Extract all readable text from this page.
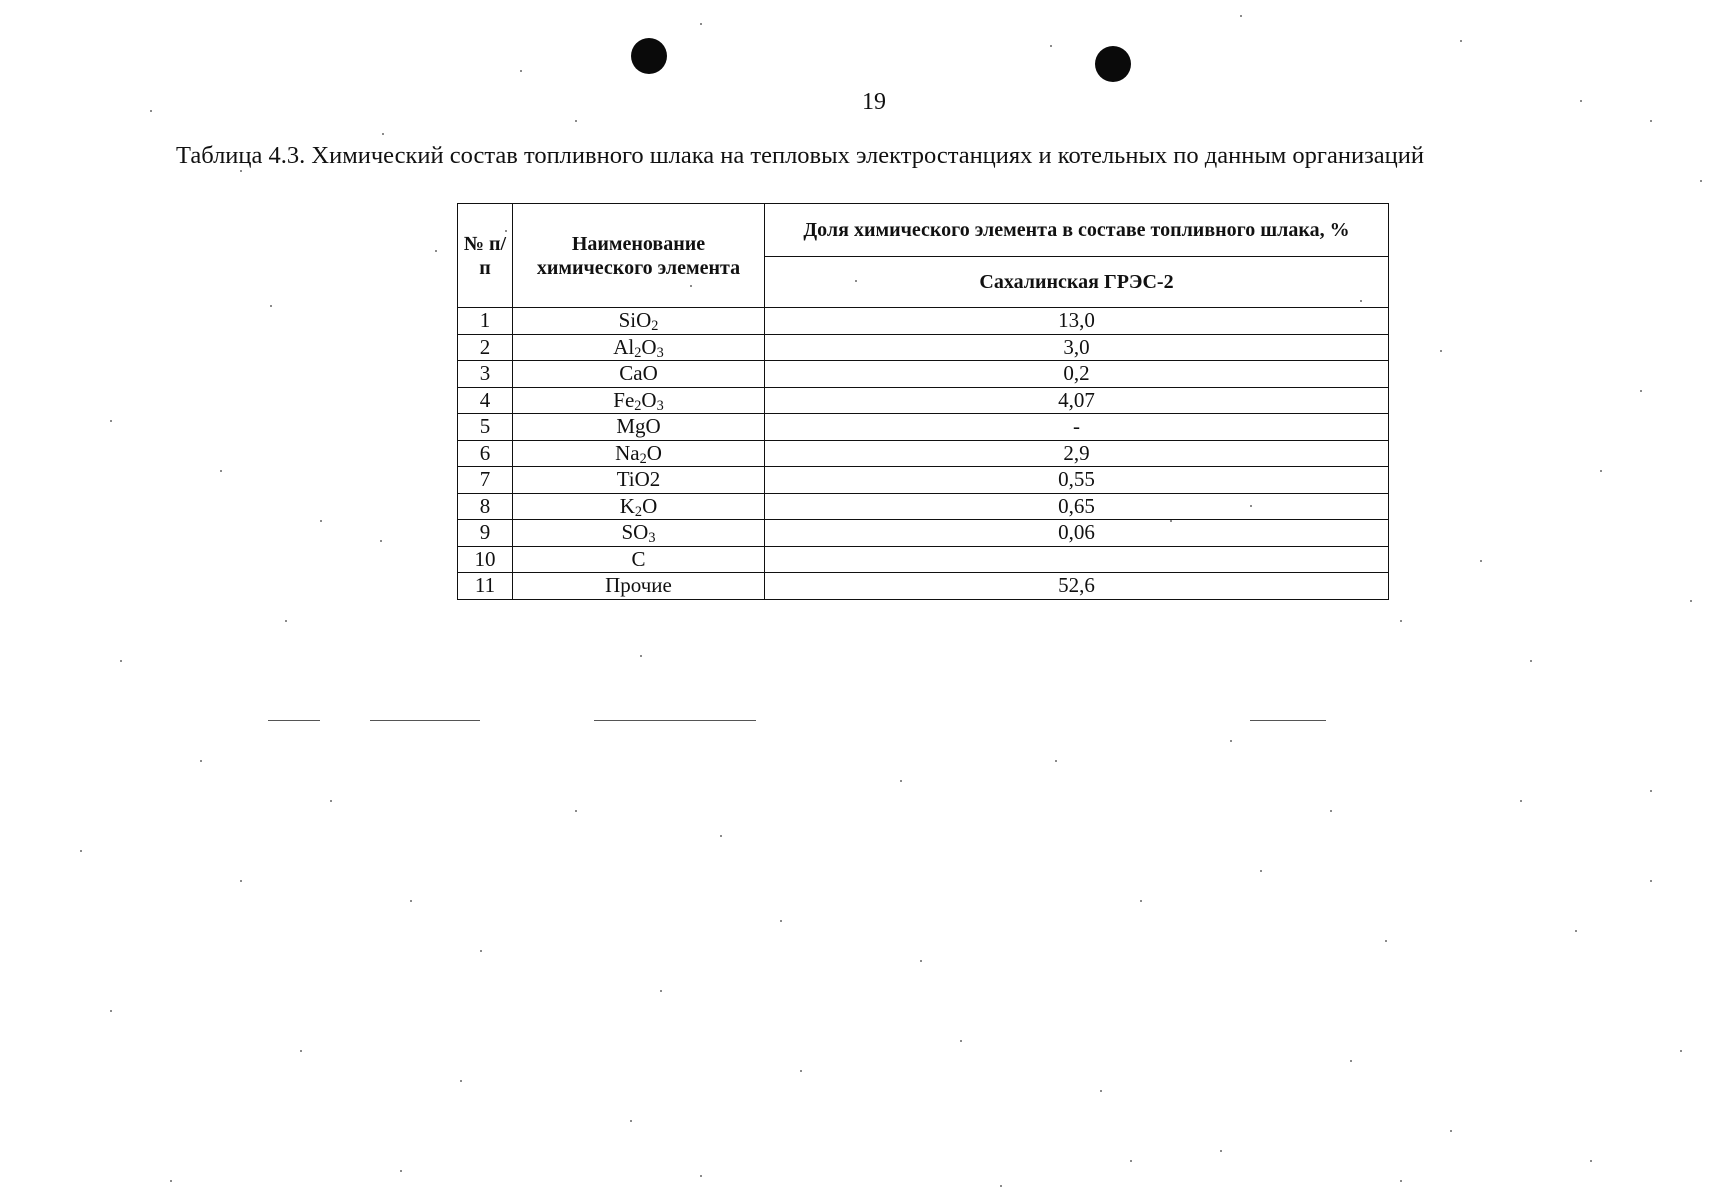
19
Таблица 4.3. Химический состав топливного шлака на тепловых электростанциях и котельных по данным организаций
№ п/п	Наименование химического элемента	Доля химического элемента в составе топливного шлака, %
		Сахалинская ГРЭС-2
1	SiO$_2$	13,0
2	$Al_2O_3$	3,0
3	CaO	0,2
4	$Fe_2O_3$	4,07
5	MgO	-
6	$Na_2O$	2,9
7	TiO2	0,55
8	$K_2O$	0,65
9	$SO_3$	0,06
10	C	
11	Прочие	52,6
